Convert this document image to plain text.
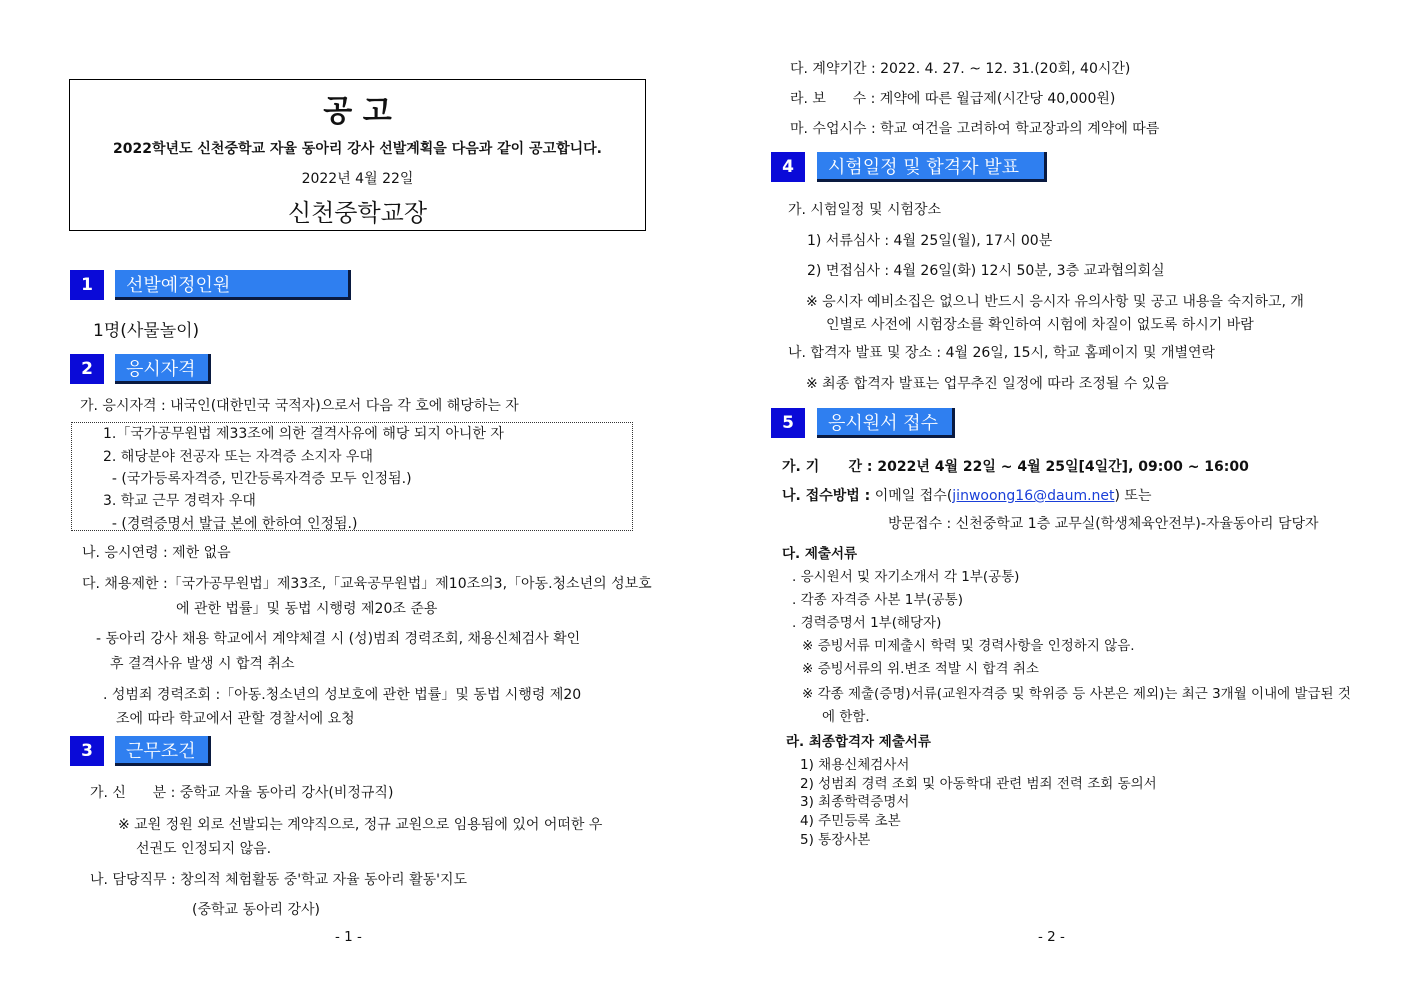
공 고
2022학년도 신천중학교 자율 동아리 강사 선발계획을 다음과 같이 공고합니다.
2022년 4월 22일
신천중학교장
1	선발예정인원
1명(사물놀이)
2	응시자격
가. 응시자격 : 내국인(대한민국 국적자)으로서 다음 각 호에 해당하는 자
1.「국가공무원법 제33조에 의한 결격사유에 해당 되지 아니한 자
2. 해당분야 전공자 또는 자격증 소지자 우대
- (국가등록자격증, 민간등록자격증 모두 인정됨.)
3. 학교 근무 경력자 우대
- (경력증명서 발급 본에 한하여 인정됨.)
나. 응시연령 : 제한 없음
다. 채용제한 :「국가공무원법」제33조,「교육공무원법」제10조의3,「아동.청소년의 성보호
에 관한 법률」및 동법 시행령 제20조 준용
- 동아리 강사 채용 학교에서 계약체결 시 (성)범죄 경력조회, 채용신체검사 확인
후 결격사유 발생 시 합격 취소
. 성범죄 경력조회 :「아동.청소년의 성보호에 관한 법률」및 동법 시행령 제20
조에 따라 학교에서 관할 경찰서에 요청
3	근무조건
가. 신      분 : 중학교 자율 동아리 강사(비정규직)
※ 교원 정원 외로 선발되는 계약직으로, 정규 교원으로 임용됨에 있어 어떠한 우
선권도 인정되지 않음.
나. 담당직무 : 창의적 체험활동 중'학교 자율 동아리 활동'지도
(중학교 동아리 강사)
- 1 -
다. 계약기간 : 2022. 4. 27. ~ 12. 31.(20회, 40시간)
라. 보      수 : 계약에 따른 월급제(시간당 40,000원)
마. 수업시수 : 학교 여건을 고려하여 학교장과의 계약에 따름
4	시험일정 및 합격자 발표
가. 시험일정 및 시험장소
1) 서류심사 : 4월 25일(월), 17시 00분
2) 면접심사 : 4월 26일(화) 12시 50분, 3층 교과협의회실
※ 응시자 예비소집은 없으니 반드시 응시자 유의사항 및 공고 내용을 숙지하고, 개
인별로 사전에 시험장소를 확인하여 시험에 차질이 없도록 하시기 바람
나. 합격자 발표 및 장소 : 4월 26일, 15시, 학교 홈페이지 및 개별연락
※ 최종 합격자 발표는 업무추진 일정에 따라 조정될 수 있음
5	응시원서 접수
가. 기      간 : 2022년 4월 22일 ~ 4월 25일[4일간], 09:00 ~ 16:00
나. 접수방법 : 이메일 접수(jinwoong16@daum.net) 또는
방문접수 : 신천중학교 1층 교무실(학생체육안전부)-자율동아리 담당자
다. 제출서류
. 응시원서 및 자기소개서 각 1부(공통)
. 각종 자격증 사본 1부(공통)
. 경력증명서 1부(해당자)
※ 증빙서류 미제출시 학력 및 경력사항을 인정하지 않음.
※ 증빙서류의 위.변조 적발 시 합격 취소
※ 각종 제출(증명)서류(교원자격증 및 학위증 등 사본은 제외)는 최근 3개월 이내에 발급된 것
에 한함.
라. 최종합격자 제출서류
1) 채용신체검사서
2) 성범죄 경력 조회 및 아동학대 관련 범죄 전력 조회 동의서
3) 최종학력증명서
4) 주민등록 초본
5) 통장사본
- 2 -
